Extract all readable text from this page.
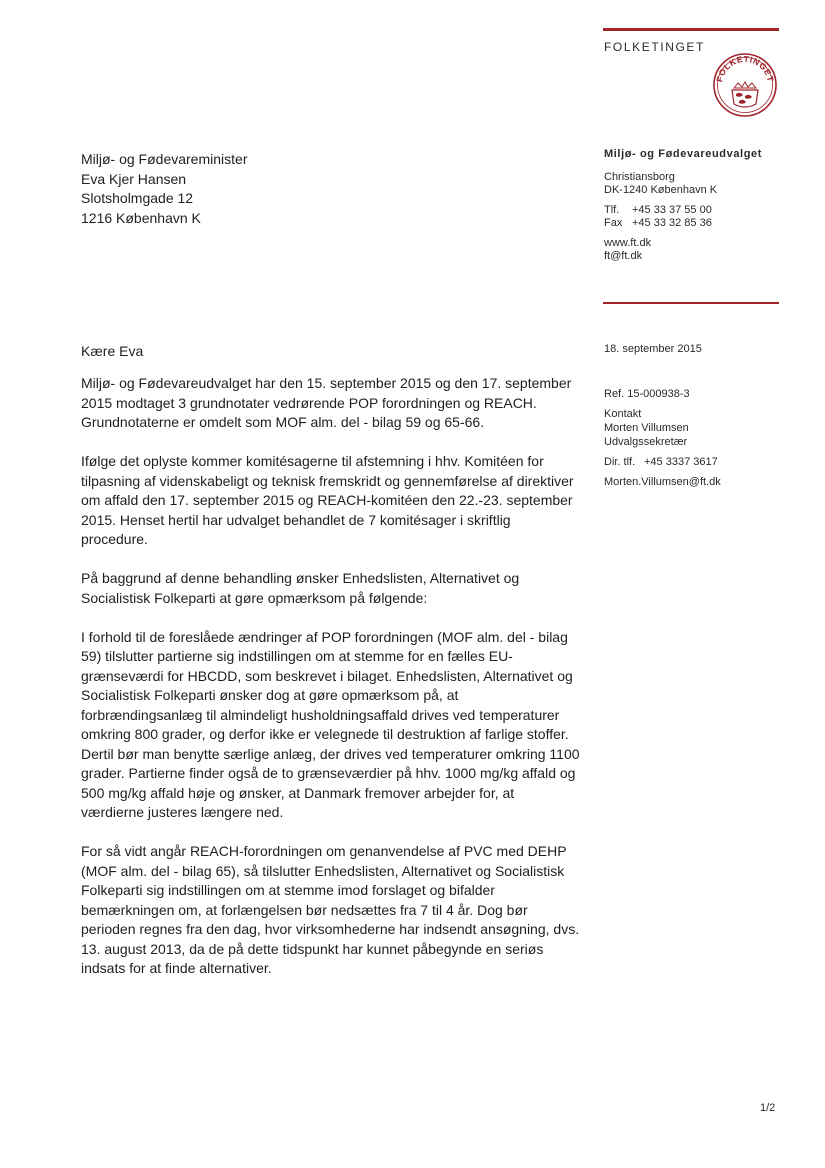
FOLKETINGET
FOLKETINGET
Miljø- og Fødevareminister
Eva Kjer Hansen
Slotsholmgade 12
1216 København K
Miljø- og Fødevareudvalget
Christiansborg
DK-1240 København K
Tlf. +45 33 37 55 00
Fax +45 33 32 85 36
www.ft.dk
ft@ft.dk
18. september 2015
Ref. 15-000938-3
Kontakt
Morten Villumsen
Udvalgssekretær
Dir. tlf. +45 3337 3617
Morten.Villumsen@ft.dk
Kære Eva

Miljø- og Fødevareudvalget har den 15. september 2015 og den 17. september 2015 modtaget 3 grundnotater vedrørende POP forordningen og REACH. Grundnotaterne er omdelt som MOF alm. del - bilag 59 og 65-66.

Ifølge det oplyste kommer komitésagerne til afstemning i hhv. Komitéen for tilpasning af videnskabeligt og teknisk fremskridt og gennemførelse af direktiver om affald den 17. september 2015 og REACH-komitéen den 22.-23. september 2015. Henset hertil har udvalget behandlet de 7 komitésager i skriftlig procedure.

På baggrund af denne behandling ønsker Enhedslisten, Alternativet og Socialistisk Folkeparti at gøre opmærksom på følgende:

I forhold til de foreslåede ændringer af POP forordningen (MOF alm. del - bilag 59) tilslutter partierne sig indstillingen om at stemme for en fælles EU-grænseværdi for HBCDD, som beskrevet i bilaget. Enhedslisten, Alternativet og Socialistisk Folkeparti ønsker dog at gøre opmærksom på, at forbrændingsanlæg til almindeligt husholdningsaffald drives ved temperaturer omkring 800 grader, og derfor ikke er velegnede til destruktion af farlige stoffer. Dertil bør man benytte særlige anlæg, der drives ved temperaturer omkring 1100 grader. Partierne finder også de to grænseværdier på hhv. 1000 mg/kg affald og 500 mg/kg affald høje og ønsker, at Danmark fremover arbejder for, at værdierne justeres længere ned.

For så vidt angår REACH-forordningen om genanvendelse af PVC med DEHP (MOF alm. del - bilag 65), så tilslutter Enhedslisten, Alternativet og Socialistisk Folkeparti sig indstillingen om at stemme imod forslaget og bifalder bemærkningen om, at forlængelsen bør nedsættes fra 7 til 4 år. Dog bør perioden regnes fra den dag, hvor virksomhederne har indsendt ansøgning, dvs. 13. august 2013, da de på dette tidspunkt har kunnet påbegynde en seriøs indsats for at finde alternativer.

1/2
